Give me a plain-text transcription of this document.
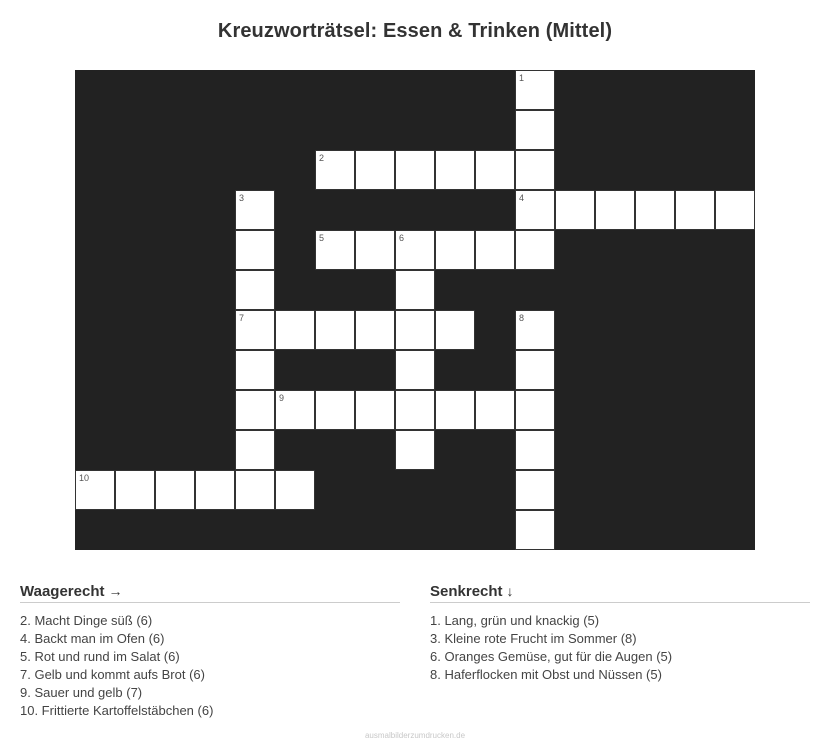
Kreuzworträtsel: Essen & Trinken (Mittel)
1
2
3	4
5	6
7	8
9
10
Waagerecht →
2. Macht Dinge süß (6)
4. Backt man im Ofen (6)
5. Rot und rund im Salat (6)
7. Gelb und kommt aufs Brot (6)
9. Sauer und gelb (7)
10. Frittierte Kartoffelstäbchen (6)
Senkrecht ↓
1. Lang, grün und knackig (5)
3. Kleine rote Frucht im Sommer (8)
6. Oranges Gemüse, gut für die Augen (5)
8. Haferflocken mit Obst und Nüssen (5)
ausmalbilderzumdrucken.de
